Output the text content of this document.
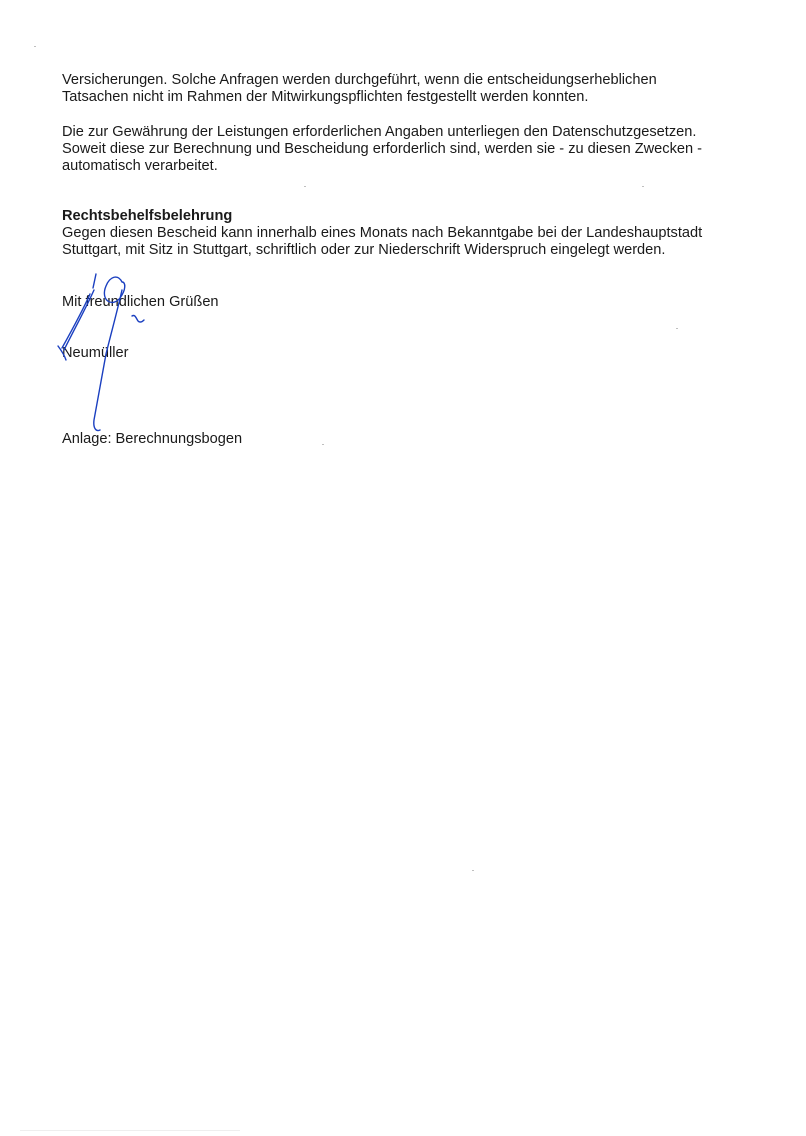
Versicherungen. Solche Anfragen werden durchgeführt, wenn die entscheidungserheblichen
Tatsachen nicht im Rahmen der Mitwirkungspflichten festgestellt werden konnten.
Die zur Gewährung der Leistungen erforderlichen Angaben unterliegen den Datenschutzgesetzen.
Soweit diese zur Berechnung und Bescheidung erforderlich sind, werden sie - zu diesen Zwecken -
automatisch verarbeitet.
Rechtsbehelfsbelehrung
Gegen diesen Bescheid kann innerhalb eines Monats nach Bekanntgabe bei der Landeshauptstadt
Stuttgart, mit Sitz in Stuttgart, schriftlich oder zur Niederschrift Widerspruch eingelegt werden.
Mit freundlichen Grüßen
Neumüller
Anlage: Berechnungsbogen
